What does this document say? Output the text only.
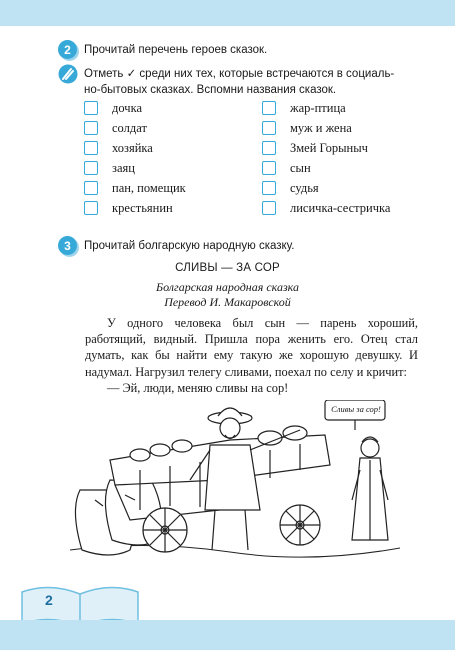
2 Прочитай перечень героев сказок.
Отметь ✓ среди них тех, которые встречаются в социаль-
но-бытовых сказках. Вспомни названия сказок.
дочка
солдат
хозяйка
заяц
пан, помещик
крестьянин
жар-птица
муж и жена
Змей Горыныч
сын
судья
лисичка-сестричка
3 Прочитай болгарскую народную сказку.
СЛИВЫ — ЗА СОР
Болгарская народная сказка
Перевод И. Макаровской

У одного человека был сын — парень хороший, работящий, видный. Пришла пора женить его. Отец стал думать, как бы найти ему такую же хорошую девушку. И надумал. Нагрузил телегу сливами, поехал по селу и кричит:

— Эй, люди, меняю сливы на сор!

Сливы за сор!
2
